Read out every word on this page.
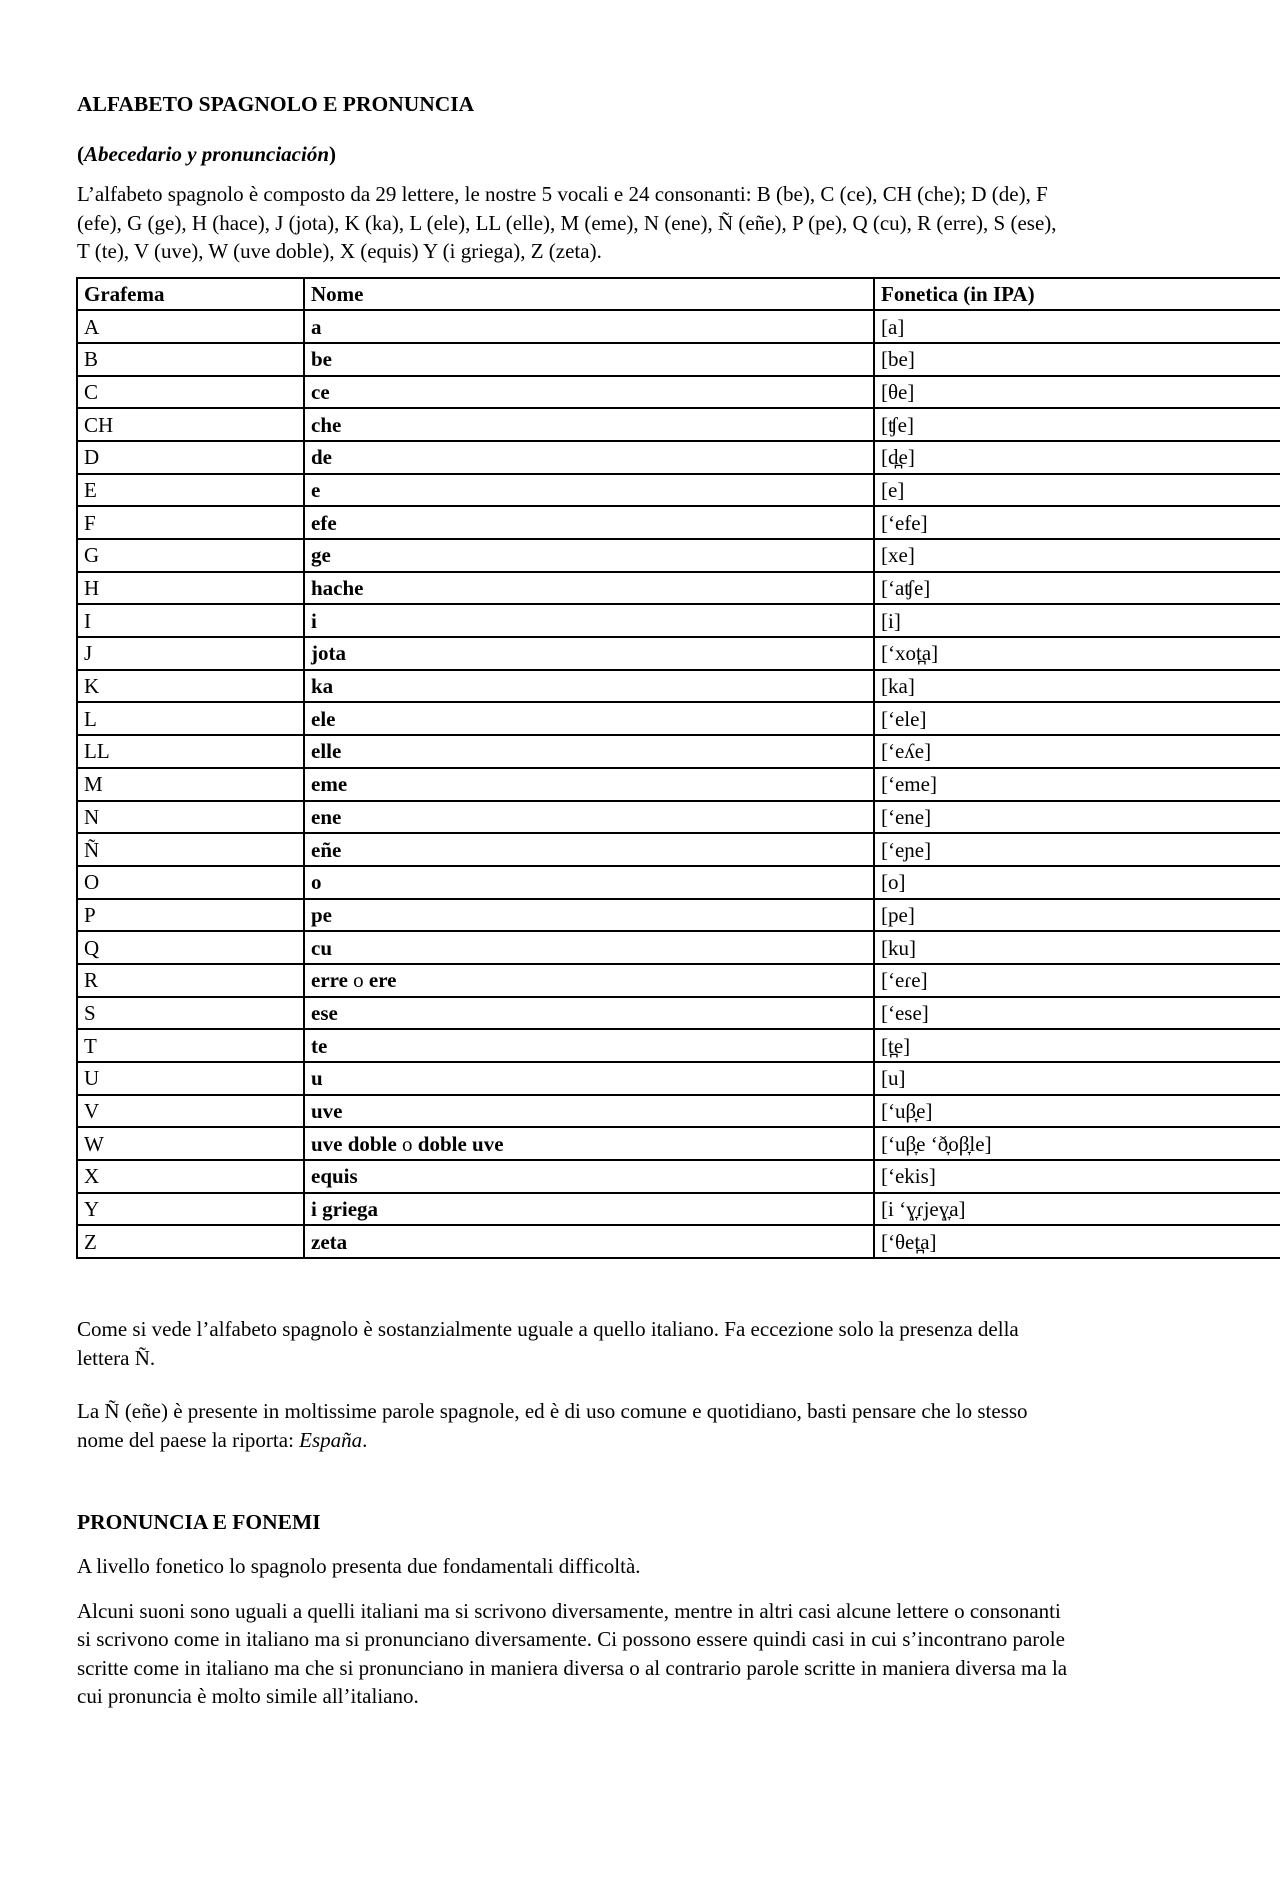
ALFABETO SPAGNOLO E PRONUNCIA
(Abecedario y pronunciación)
L’alfabeto spagnolo è composto da 29 lettere, le nostre 5 vocali e 24 consonanti: B (be), C (ce), CH (che); D (de), F
(efe), G (ge), H (hace), J (jota), K (ka), L (ele), LL (elle), M (eme), N (ene), Ñ (eñe), P (pe), Q (cu), R (erre), S (ese),
T (te), V (uve), W (uve doble), X (equis) Y (i griega), Z (zeta).
Grafema	Nome	Fonetica (in IPA)
A	a	[a]
B	be	[be]
C	ce	[θe]
CH	che	[ʧe]
D	de	[d̪e]
E	e	[e]
F	efe	[‘efe]
G	ge	[xe]
H	hache	[‘aʧe]
I	i	[i]
J	jota	[‘xot̪a]
K	ka	[ka]
L	ele	[‘ele]
LL	elle	[‘eʎe]
M	eme	[‘eme]
N	ene	[‘ene]
Ñ	eñe	[‘eɲe]
O	o	[o]
P	pe	[pe]
Q	cu	[ku]
R	erre o ere	[‘eɾe]
S	ese	[‘ese]
T	te	[t̪e]
U	u	[u]
V	uve	[‘uβ̞e]
W	uve doble o doble uve	[‘uβ̞e ‘ð̞oβ̞le]
X	equis	[‘ekis]
Y	i griega	[i ‘ɣ̞ɾjeɣ̞a]
Z	zeta	[‘θet̪a]
Come si vede l’alfabeto spagnolo è sostanzialmente uguale a quello italiano. Fa eccezione solo la presenza della
lettera Ñ.
La Ñ (eñe) è presente in moltissime parole spagnole, ed è di uso comune e quotidiano, basti pensare che lo stesso
nome del paese la riporta: España.
PRONUNCIA E FONEMI
A livello fonetico lo spagnolo presenta due fondamentali difficoltà.
Alcuni suoni sono uguali a quelli italiani ma si scrivono diversamente, mentre in altri casi alcune lettere o consonanti
si scrivono come in italiano ma si pronunciano diversamente. Ci possono essere quindi casi in cui s’incontrano parole
scritte come in italiano ma che si pronunciano in maniera diversa o al contrario parole scritte in maniera diversa ma la
cui pronuncia è molto simile all’italiano.
